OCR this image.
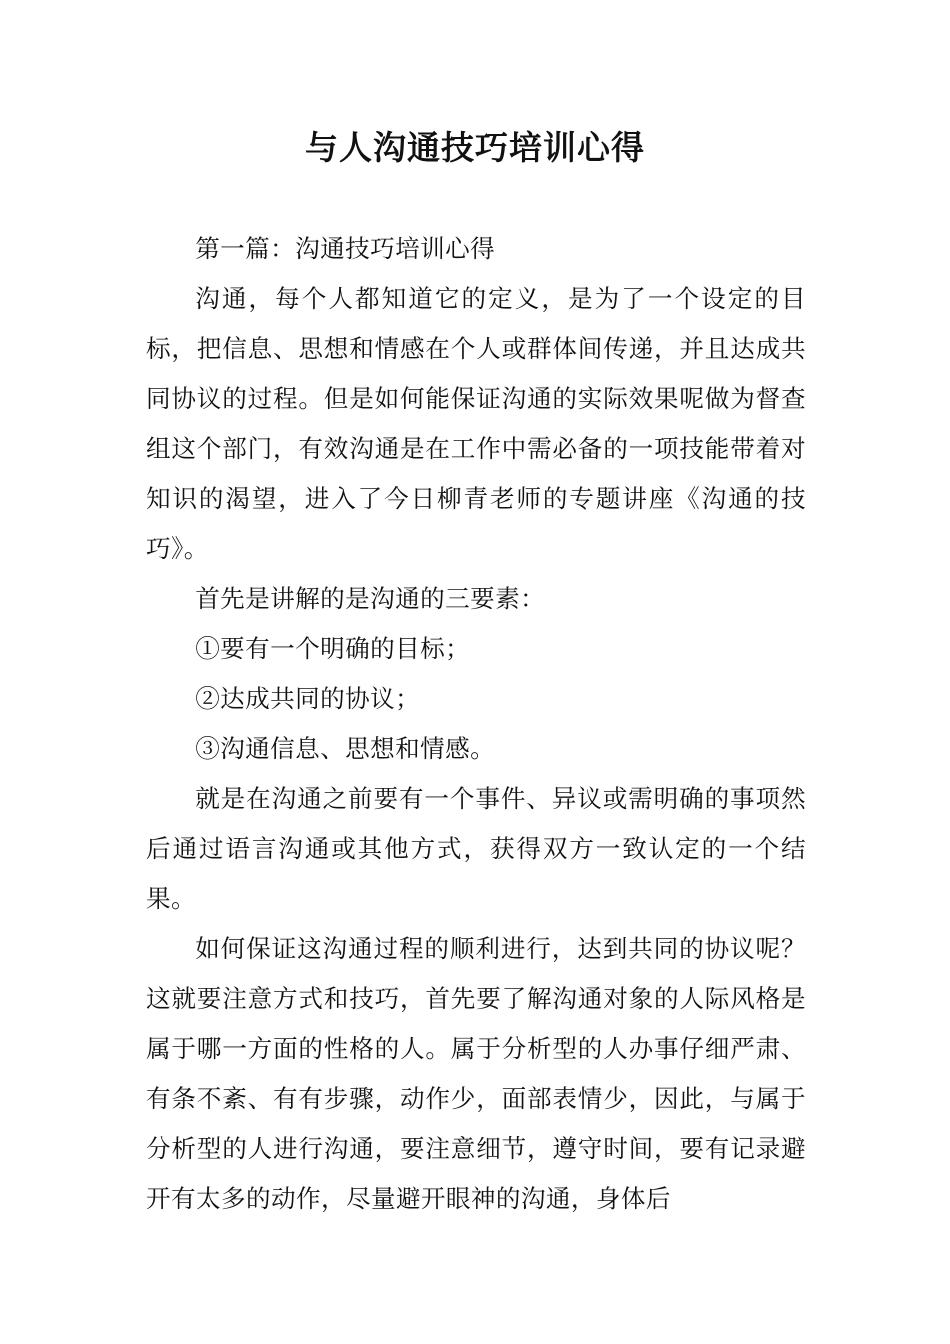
与人沟通技巧培训心得

第一篇：沟通技巧培训心得

沟通，每个人都知道它的定义，是为了一个设定的目标，把信息、思想和情感在个人或群体间传递，并且达成共同协议的过程。但是如何能保证沟通的实际效果呢做为督查组这个部门，有效沟通是在工作中需必备的一项技能带着对知识的渴望，进入了今日柳青老师的专题讲座《沟通的技巧》。

首先是讲解的是沟通的三要素：

①要有一个明确的目标；

②达成共同的协议；

③沟通信息、思想和情感。

就是在沟通之前要有一个事件、异议或需明确的事项然后通过语言沟通或其他方式，获得双方一致认定的一个结果。

如何保证这沟通过程的顺利进行，达到共同的协议呢？这就要注意方式和技巧，首先要了解沟通对象的人际风格是属于哪一方面的性格的人。属于分析型的人办事仔细严肃、有条不紊、有有步骤，动作少，面部表情少，因此，与属于分析型的人进行沟通，要注意细节，遵守时间，要有记录避开有太多的动作，尽量避开眼神的沟通，身体后
